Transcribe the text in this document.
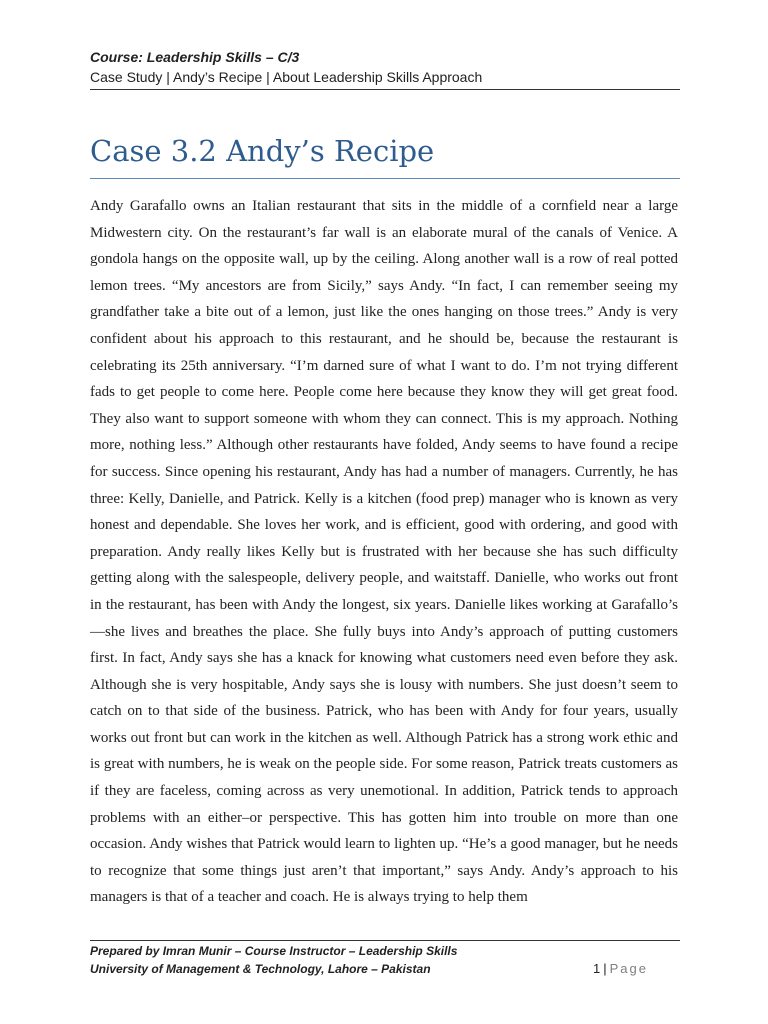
Course: Leadership Skills – C/3
Case Study | Andy’s Recipe | About Leadership Skills Approach
Case 3.2 Andy’s Recipe

Andy Garafallo owns an Italian restaurant that sits in the middle of a cornfield near a large Midwestern city. On the restaurant’s far wall is an elaborate mural of the canals of Venice. A gondola hangs on the opposite wall, up by the ceiling. Along another wall is a row of real potted lemon trees. “My ancestors are from Sicily,” says Andy. “In fact, I can remember seeing my grandfather take a bite out of a lemon, just like the ones hanging on those trees.” Andy is very confident about his approach to this restaurant, and he should be, because the restaurant is celebrating its 25th anniversary. “I’m darned sure of what I want to do. I’m not trying different fads to get people to come here. People come here because they know they will get great food. They also want to support someone with whom they can connect. This is my approach. Nothing more, nothing less.” Although other restaurants have folded, Andy seems to have found a recipe for success. Since opening his restaurant, Andy has had a number of managers. Currently, he has three: Kelly, Danielle, and Patrick. Kelly is a kitchen (food prep) manager who is known as very honest and dependable. She loves her work, and is efficient, good with ordering, and good with preparation. Andy really likes Kelly but is frustrated with her because she has such difficulty getting along with the salespeople, delivery people, and waitstaff. Danielle, who works out front in the restaurant, has been with Andy the longest, six years. Danielle likes working at Garafallo’s—she lives and breathes the place. She fully buys into Andy’s approach of putting customers first. In fact, Andy says she has a knack for knowing what customers need even before they ask. Although she is very hospitable, Andy says she is lousy with numbers. She just doesn’t seem to catch on to that side of the business. Patrick, who has been with Andy for four years, usually works out front but can work in the kitchen as well. Although Patrick has a strong work ethic and is great with numbers, he is weak on the people side. For some reason, Patrick treats customers as if they are faceless, coming across as very unemotional. In addition, Patrick tends to approach problems with an either–or perspective. This has gotten him into trouble on more than one occasion. Andy wishes that Patrick would learn to lighten up. “He’s a good manager, but he needs to recognize that some things just aren’t that important,” says Andy. Andy’s approach to his managers is that of a teacher and coach. He is always trying to help them

Prepared by Imran Munir – Course Instructor – Leadership Skills
University of Management & Technology, Lahore – Pakistan	1 | Page
